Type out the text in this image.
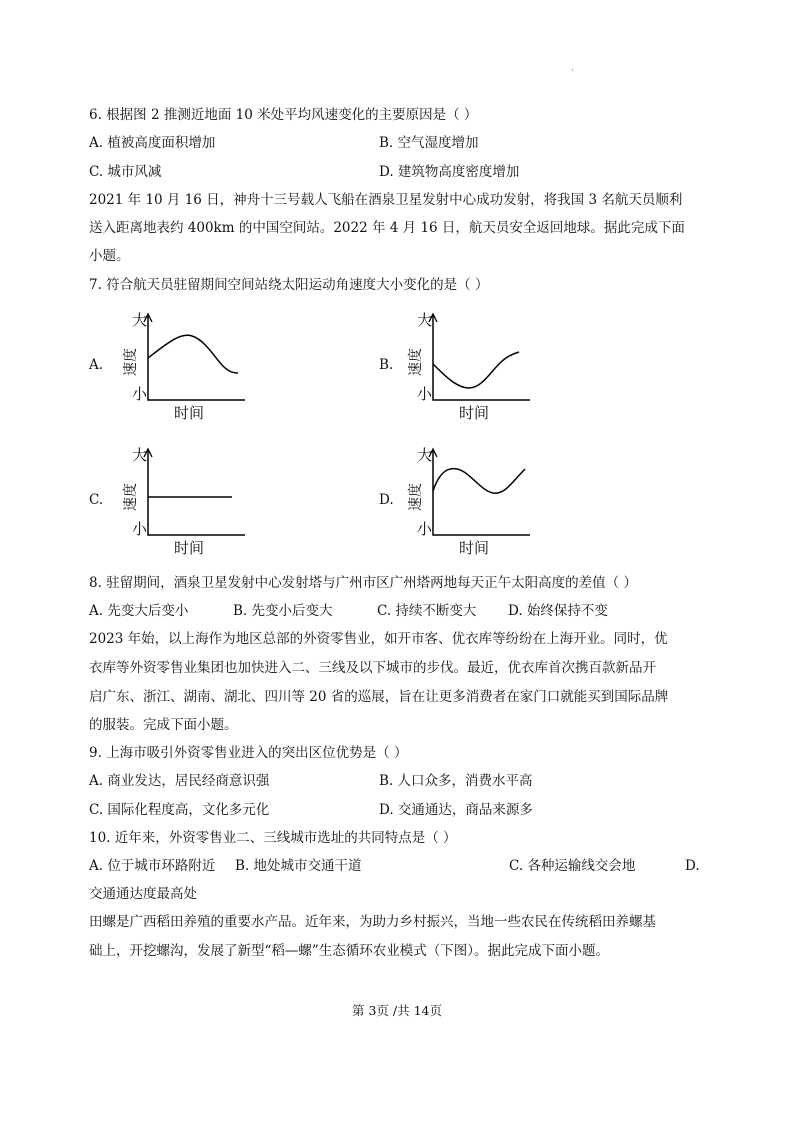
·
6. 根据图 2 推测近地面 10 米处平均风速变化的主要原因是（ ）
A. 植被高度面积增加	B. 空气湿度增加
C. 城市风减	D. 建筑物高度密度增加
2021 年 10 月 16 日，神舟十三号载人飞船在酒泉卫星发射中心成功发射，将我国 3 名航天员顺利
送入距离地表约 400km 的中国空间站。2022 年 4 月 16 日，航天员安全返回地球。据此完成下面
小题。
7. 符合航天员驻留期间空间站绕太阳运动角速度大小变化的是（ ）
A.	B.
C.	D.
大
小
速度
时间
大
小
速度
时间
大
小
速度
时间
大
小
速度
时间
8. 驻留期间，酒泉卫星发射中心发射塔与广州市区广州塔两地每天正午太阳高度的差值（ ）
A. 先变大后变小	B. 先变小后变大	C. 持续不断变大 D. 始终保持不变
2023 年始，以上海作为地区总部的外资零售业，如开市客、优衣库等纷纷在上海开业。同时，优
衣库等外资零售业集团也加快进入二、三线及以下城市的步伐。最近，优衣库首次携百款新品开
启广东、浙江、湖南、湖北、四川等 20 省的巡展，旨在让更多消费者在家门口就能买到国际品牌
的服装。完成下面小题。
9. 上海市吸引外资零售业进入的突出区位优势是（ ）
A. 商业发达，居民经商意识强	B. 人口众多，消费水平高
C. 国际化程度高，文化多元化	D. 交通通达，商品来源多
10. 近年来，外资零售业二、三线城市选址的共同特点是（ ）
A. 位于城市环路附近 B. 地处城市交通干道	C. 各种运输线交会地	D.
交通通达度最高处
田螺是广西稻田养殖的重要水产品。近年来，为助力乡村振兴，当地一些农民在传统稻田养螺基
础上，开挖螺沟，发展了新型“稻—螺”生态循环农业模式（下图）。据此完成下面小题。
第 3页 /共 14页
